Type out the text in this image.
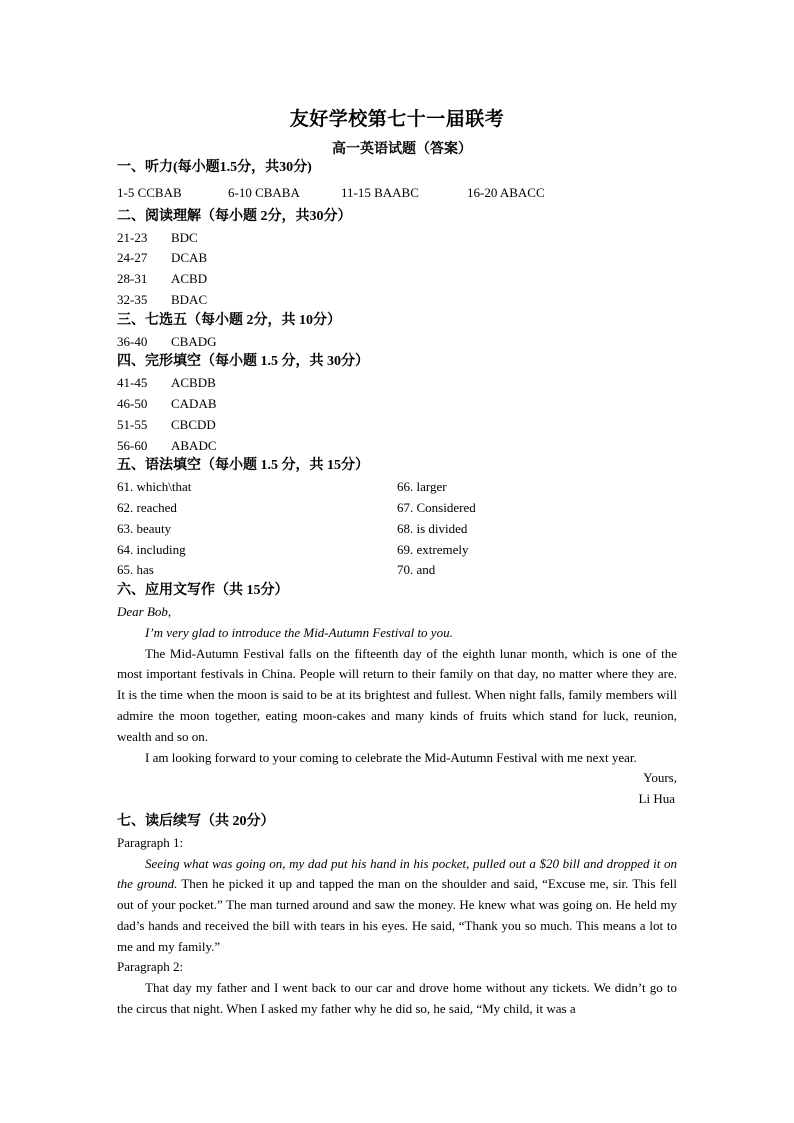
友好学校第七十一届联考
高一英语试题（答案）
一、听力(每小题1.5分，共30分)
1-5 CCBAB	6-10 CBABA	11-15 BAABC	16-20 ABACC
二、阅读理解（每小题 2分，共30分）
21-23	BDC
24-27	DCAB
28-31	ACBD
32-35	BDAC
三、七选五（每小题 2分，共 10分）
36-40	CBADG
四、完形填空（每小题 1.5 分，共 30分）
41-45	ACBDB
46-50	CADAB
51-55	CBCDD
56-60	ABADC
五、语法填空（每小题 1.5 分，共 15分）
61. which\that
62. reached
63. beauty
64. including
65. has
66. larger
67. Considered
68. is divided
69. extremely
70. and
六、应用文写作（共 15分）
Dear Bob,
I’m very glad to introduce the Mid-Autumn Festival to you.
The Mid-Autumn Festival falls on the fifteenth day of the eighth lunar month, which is one of the most important festivals in China. People will return to their family on that day, no matter where they are. It is the time when the moon is said to be at its brightest and fullest. When night falls, family members will admire the moon together, eating moon-cakes and many kinds of fruits which stand for luck, reunion, wealth and so on.
I am looking forward to your coming to celebrate the Mid-Autumn Festival with me next year.
Yours,
Li Hua
七、读后续写（共 20分）
Paragraph 1:
Seeing what was going on, my dad put his hand in his pocket, pulled out a $20 bill and dropped it on the ground. Then he picked it up and tapped the man on the shoulder and said, “Excuse me, sir. This fell out of your pocket.” The man turned around and saw the money. He knew what was going on. He held my dad’s hands and received the bill with tears in his eyes. He said, “Thank you so much. This means a lot to me and my family.”
Paragraph 2:
That day my father and I went back to our car and drove home without any tickets. We didn’t go to the circus that night. When I asked my father why he did so, he said, “My child, it was a
